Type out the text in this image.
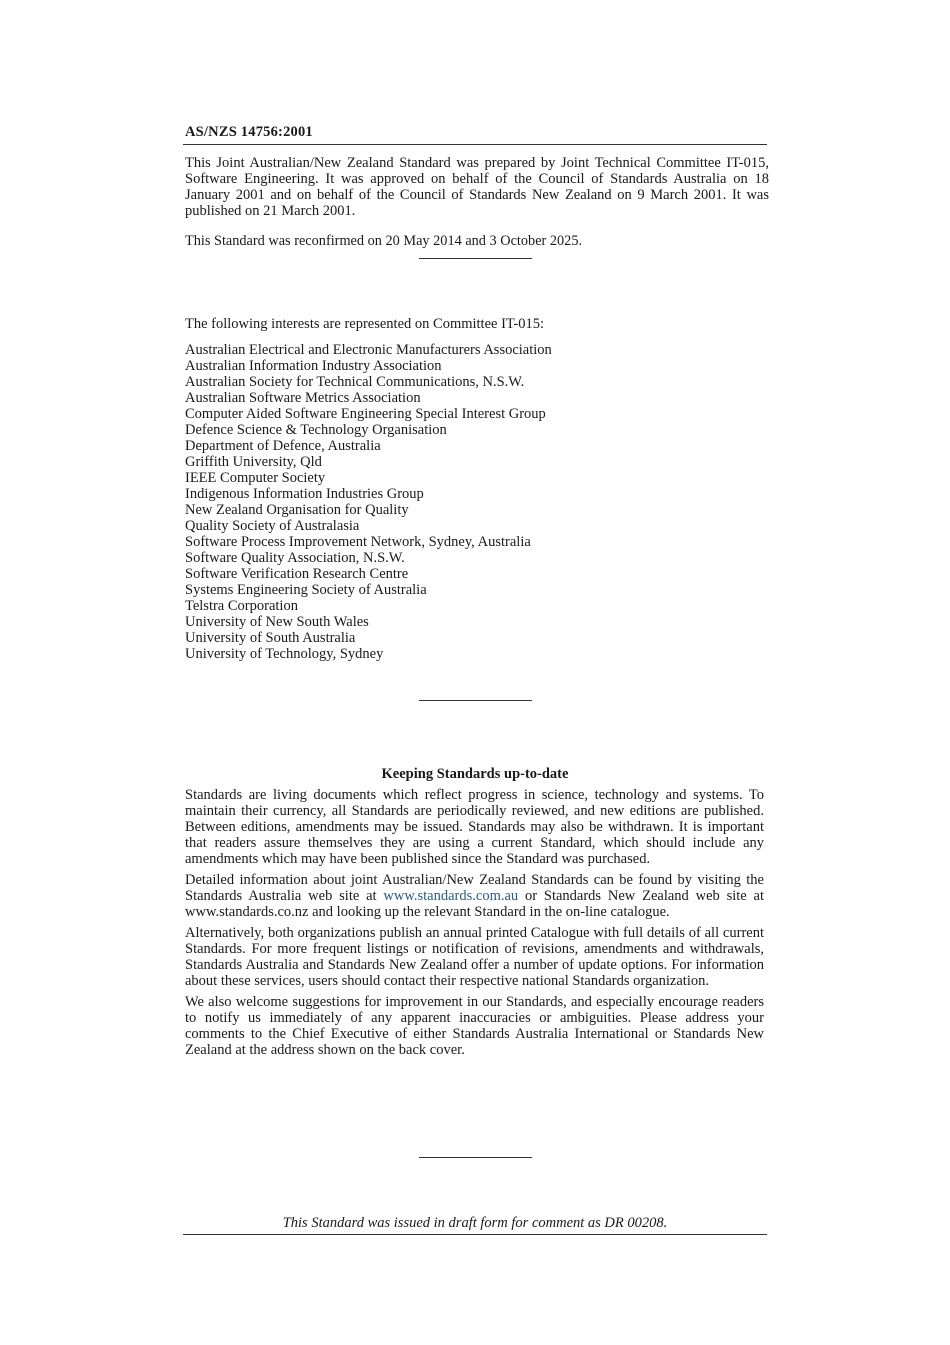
AS/NZS 14756:2001

This Joint Australian/New Zealand Standard was prepared by Joint Technical Committee IT-015, Software Engineering. It was approved on behalf of the Council of Standards Australia on 18 January 2001 and on behalf of the Council of Standards New Zealand on 9 March 2001. It was published on 21 March 2001.

This Standard was reconfirmed on 20 May 2014 and 3 October 2025.

The following interests are represented on Committee IT-015:

Australian Electrical and Electronic Manufacturers Association
Australian Information Industry Association
Australian Society for Technical Communications, N.S.W.
Australian Software Metrics Association
Computer Aided Software Engineering Special Interest Group
Defence Science & Technology Organisation
Department of Defence, Australia
Griffith University, Qld
IEEE Computer Society
Indigenous Information Industries Group
New Zealand Organisation for Quality
Quality Society of Australasia
Software Process Improvement Network, Sydney, Australia
Software Quality Association, N.S.W.
Software Verification Research Centre
Systems Engineering Society of Australia
Telstra Corporation
University of New South Wales
University of South Australia
University of Technology, Sydney
Keeping Standards up-to-date

Standards are living documents which reflect progress in science, technology and systems. To maintain their currency, all Standards are periodically reviewed, and new editions are published. Between editions, amendments may be issued. Standards may also be withdrawn. It is important that readers assure themselves they are using a current Standard, which should include any amendments which may have been published since the Standard was purchased.

Detailed information about joint Australian/New Zealand Standards can be found by visiting the Standards Australia web site at www.standards.com.au or Standards New Zealand web site at www.standards.co.nz and looking up the relevant Standard in the on-line catalogue.

Alternatively, both organizations publish an annual printed Catalogue with full details of all current Standards. For more frequent listings or notification of revisions, amendments and withdrawals, Standards Australia and Standards New Zealand offer a number of update options. For information about these services, users should contact their respective national Standards organization.

We also welcome suggestions for improvement in our Standards, and especially encourage readers to notify us immediately of any apparent inaccuracies or ambiguities. Please address your comments to the Chief Executive of either Standards Australia International or Standards New Zealand at the address shown on the back cover.

This Standard was issued in draft form for comment as DR 00208.
